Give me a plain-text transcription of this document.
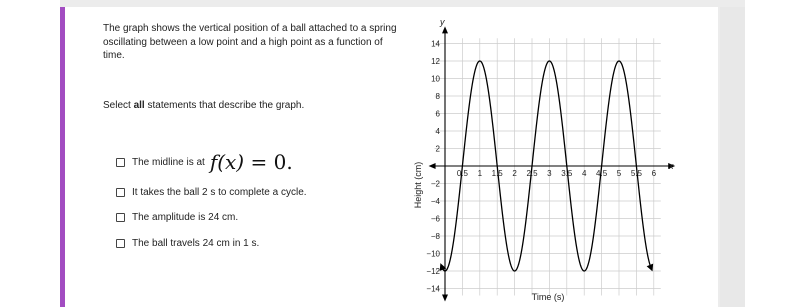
The graph shows the vertical position of a ball attached to a spring oscillating between a low point and a high point as a function of time.
Select all statements that describe the graph.
The midline is at f(x) = 0.
It takes the ball 2 s to complete a cycle.
The amplitude is 24 cm.
The ball travels 24 cm in 1 s.
0.5 1 1.5 2 2.5 3 3.5 4 4.5 5 5.5 6
14
12
10
8
6
4
2
−2
−4
−6
−8
−10
−12
−14
Height (cm)
Time (s)
x
y
